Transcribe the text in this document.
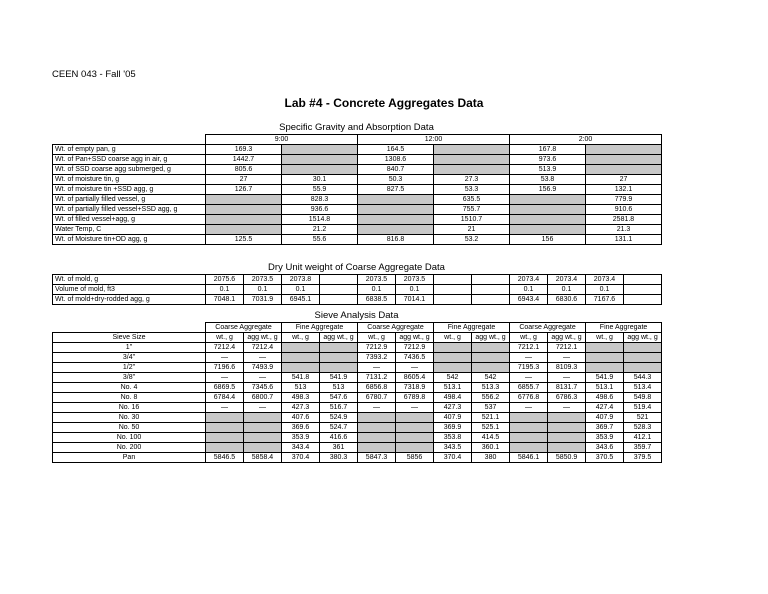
CEEN 043 - Fall '05
Lab #4 - Concrete Aggregates Data
Specific Gravity and Absorption Data
	9:00		12:00		2:00	
Wt. of empty pan, g	169.3		164.5		167.8	
Wt. of Pan+SSD coarse agg in air, g	1442.7		1308.6		973.6	
Wt. of SSD coarse agg submerged, g	805.6		840.7		513.9	
Wt. of moisture tin, g	27	30.1	50.3	27.3	53.8	27
Wt. of moisture tin +SSD agg, g	126.7	55.9	827.5	53.3	156.9	132.1
Wt. of partially filled vessel, g		828.3		635.5		779.9
Wt. of partially filled vessel+SSD agg, g		936.6		755.7		910.6
Wt. of filled vessel+agg, g		1514.8		1510.7		2581.8
Water Temp, C		21.2		21		21.3
Wt. of Moisture tin+OD agg, g	125.5	55.6	816.8	53.2	156	131.1
Dry Unit weight of Coarse Aggregate Data
Wt. of mold, g	2075.6	2073.5	2073.8		2073.5	2073.5			2073.4	2073.4	2073.4	
Volume of mold, ft3	0.1	0.1	0.1		0.1	0.1			0.1	0.1	0.1	
Wt. of mold+dry-rodded agg, g	7048.1	7031.9	6945.1		6838.5	7014.1			6943.4	6830.6	7167.6	
Sieve Analysis Data
	Coarse Aggregate		Fine Aggregate		Coarse Aggregate		Fine Aggregate		Coarse Aggregate		Fine Aggregate	
Sieve Size	wt., g	agg wt., g	wt., g	agg wt., g	wt., g	agg wt., g	wt., g	agg wt., g	wt., g	agg wt., g	wt., g	agg wt., g
1"	7212.4	7212.4			7212.9	7212.9			7212.1	7212.1		
3/4"	—	—			7393.2	7436.5			—	—		
1/2"	7196.6	7493.9			—	—			7195.3	8109.3		
3/8"	—	—	541.8	541.9	7131.2	8605.4	542	542	—	—	541.9	544.3
No. 4	6869.5	7345.6	513	513	6856.8	7318.9	513.1	513.3	6855.7	8131.7	513.1	513.4
No. 8	6784.4	6800.7	498.3	547.6	6780.7	6789.8	498.4	556.2	6776.8	6786.3	498.6	549.8
No. 16	—	—	427.3	516.7	—	—	427.3	537	—	—	427.4	519.4
No. 30			407.6	524.9			407.9	521.1			407.9	521
No. 50			369.6	524.7			369.9	525.1			369.7	528.3
No. 100			353.9	416.6			353.8	414.5			353.9	412.1
No. 200			343.4	361			343.5	360.1			343.6	359.7
Pan	5846.5	5858.4	370.4	380.3	5847.3	5856	370.4	380	5846.1	5850.9	370.5	379.5
